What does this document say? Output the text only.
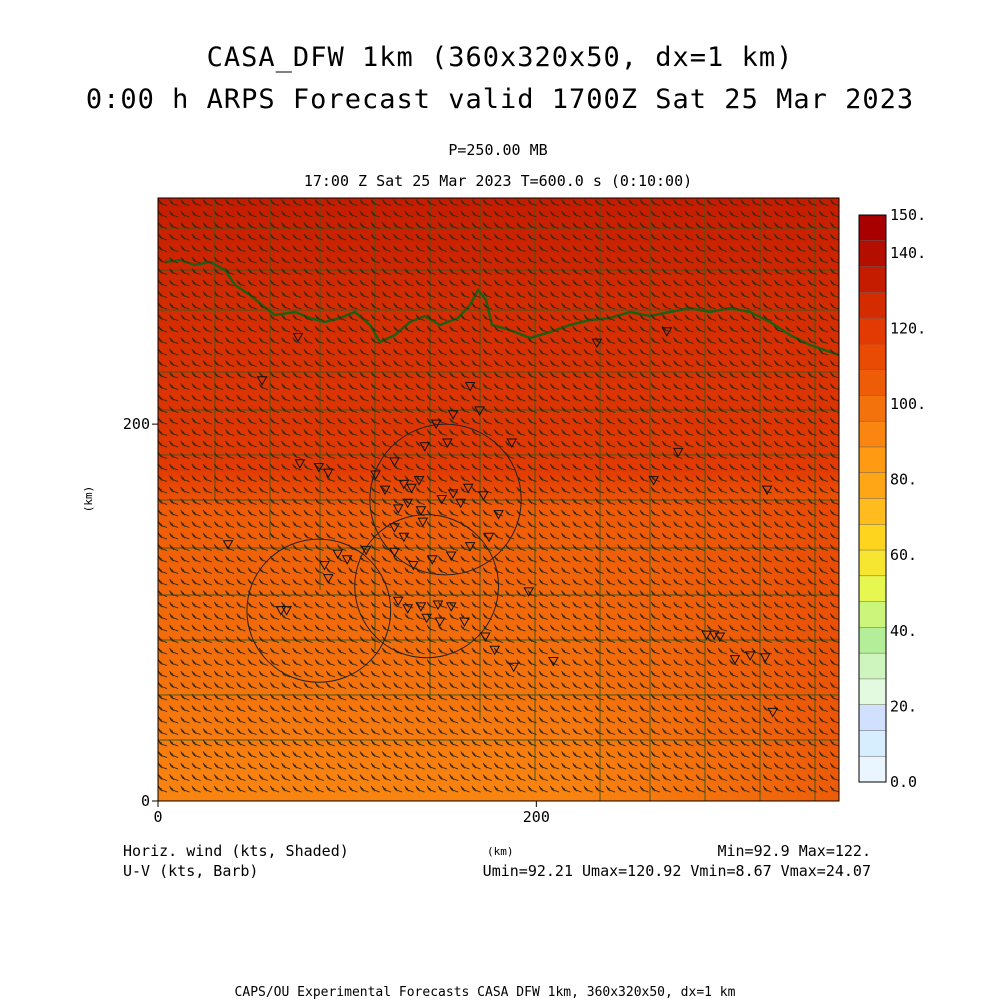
CASA_DFW 1km (360x320x50, dx=1 km)
0:00 h ARPS Forecast valid 1700Z Sat 25 Mar 2023
P=250.00 MB
17:00 Z Sat 25 Mar 2023 T=600.0 s (0:10:00)
0	200
0
200
(km)
0.0
20.
40.
60.
80.
100.
120.
140.
150.
Horiz. wind (kts, Shaded)
U-V (kts, Barb)
(km)	Min=92.9 Max=122.
Umin=92.21 Umax=120.92 Vmin=8.67 Vmax=24.07
CAPS/OU Experimental Forecasts CASA DFW 1km, 360x320x50, dx=1 km
